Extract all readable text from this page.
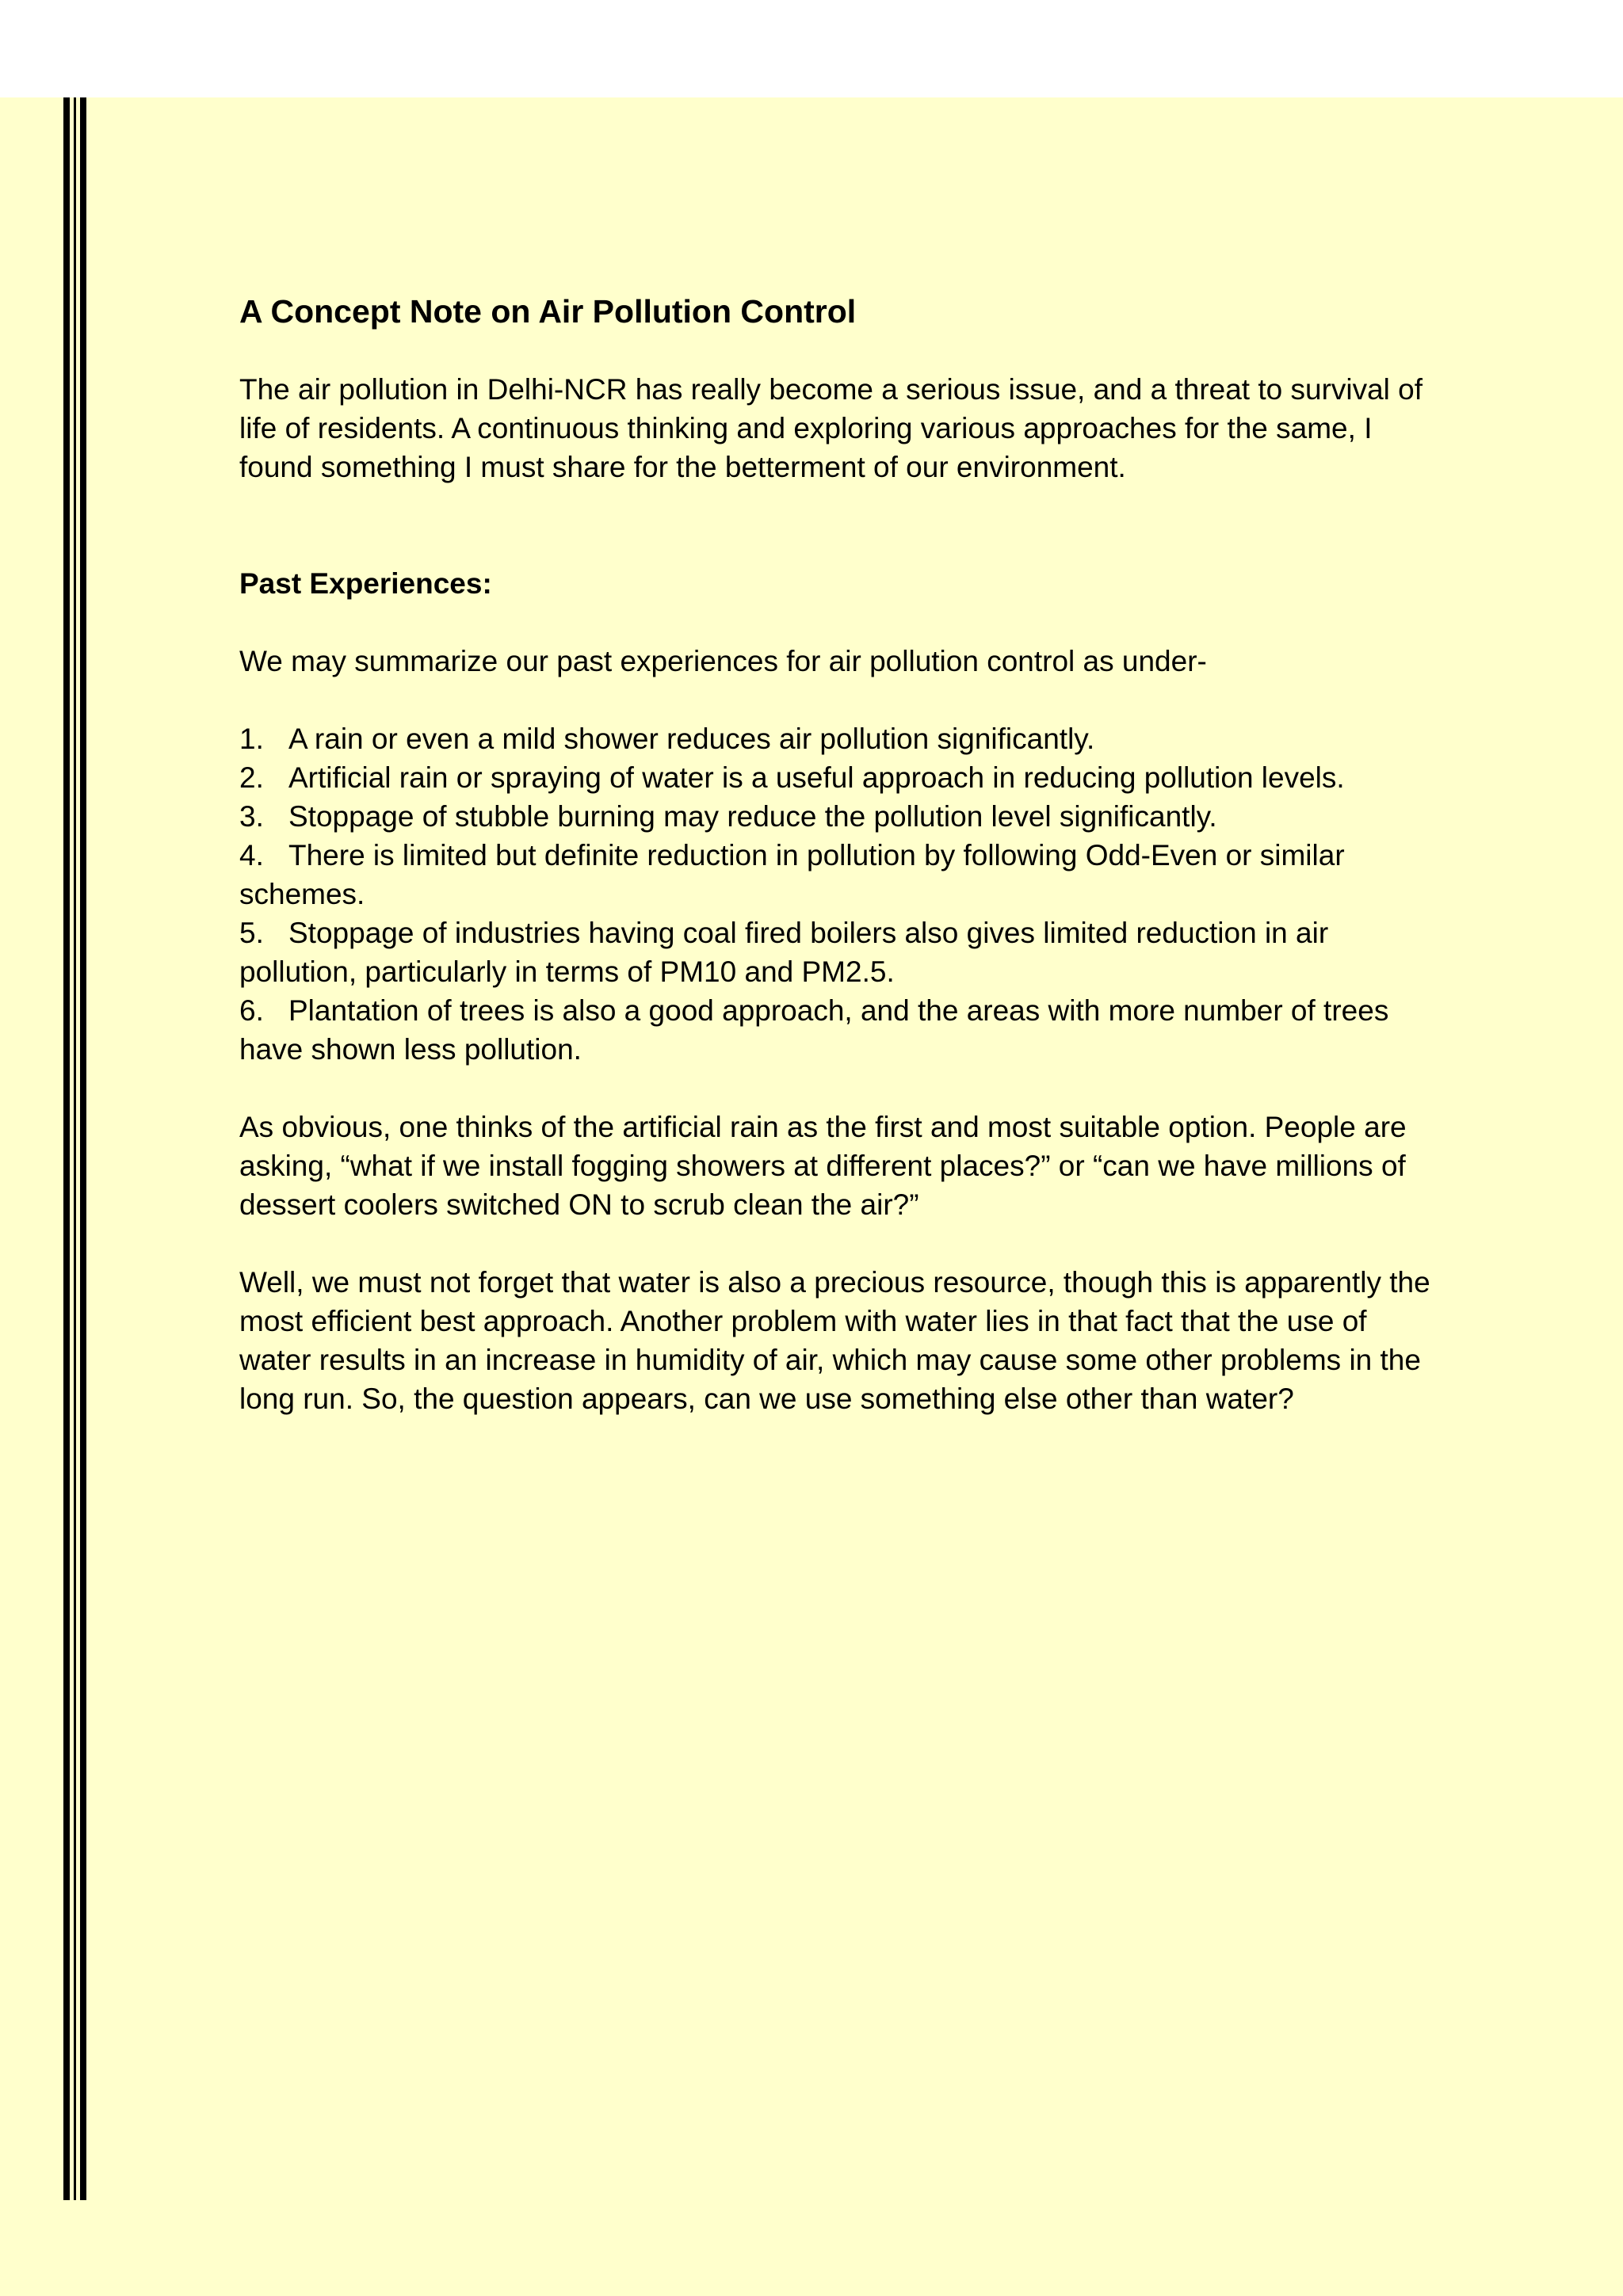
A Concept Note on Air Pollution Control
The air pollution in Delhi-NCR has really become a serious issue, and a threat to survival of life of residents. A continuous thinking and exploring various approaches for the same, I found something I must share for the betterment of our environment.
Past Experiences:
We may summarize our past experiences for air pollution control as under-
1. A rain or even a mild shower reduces air pollution significantly.
2. Artificial rain or spraying of water is a useful approach in reducing pollution levels.
3. Stoppage of stubble burning may reduce the pollution level significantly.
4. There is limited but definite reduction in pollution by following Odd-Even or similar schemes.
5. Stoppage of industries having coal fired boilers also gives limited reduction in air pollution, particularly in terms of PM10 and PM2.5.
6. Plantation of trees is also a good approach, and the areas with more number of trees have shown less pollution.
As obvious, one thinks of the artificial rain as the first and most suitable option. People are asking, “what if we install fogging showers at different places?” or “can we have millions of dessert coolers switched ON to scrub clean the air?”
Well, we must not forget that water is also a precious resource, though this is apparently the most efficient best approach. Another problem with water lies in that fact that the use of water results in an increase in humidity of air, which may cause some other problems in the long run. So, the question appears, can we use something else other than water?
